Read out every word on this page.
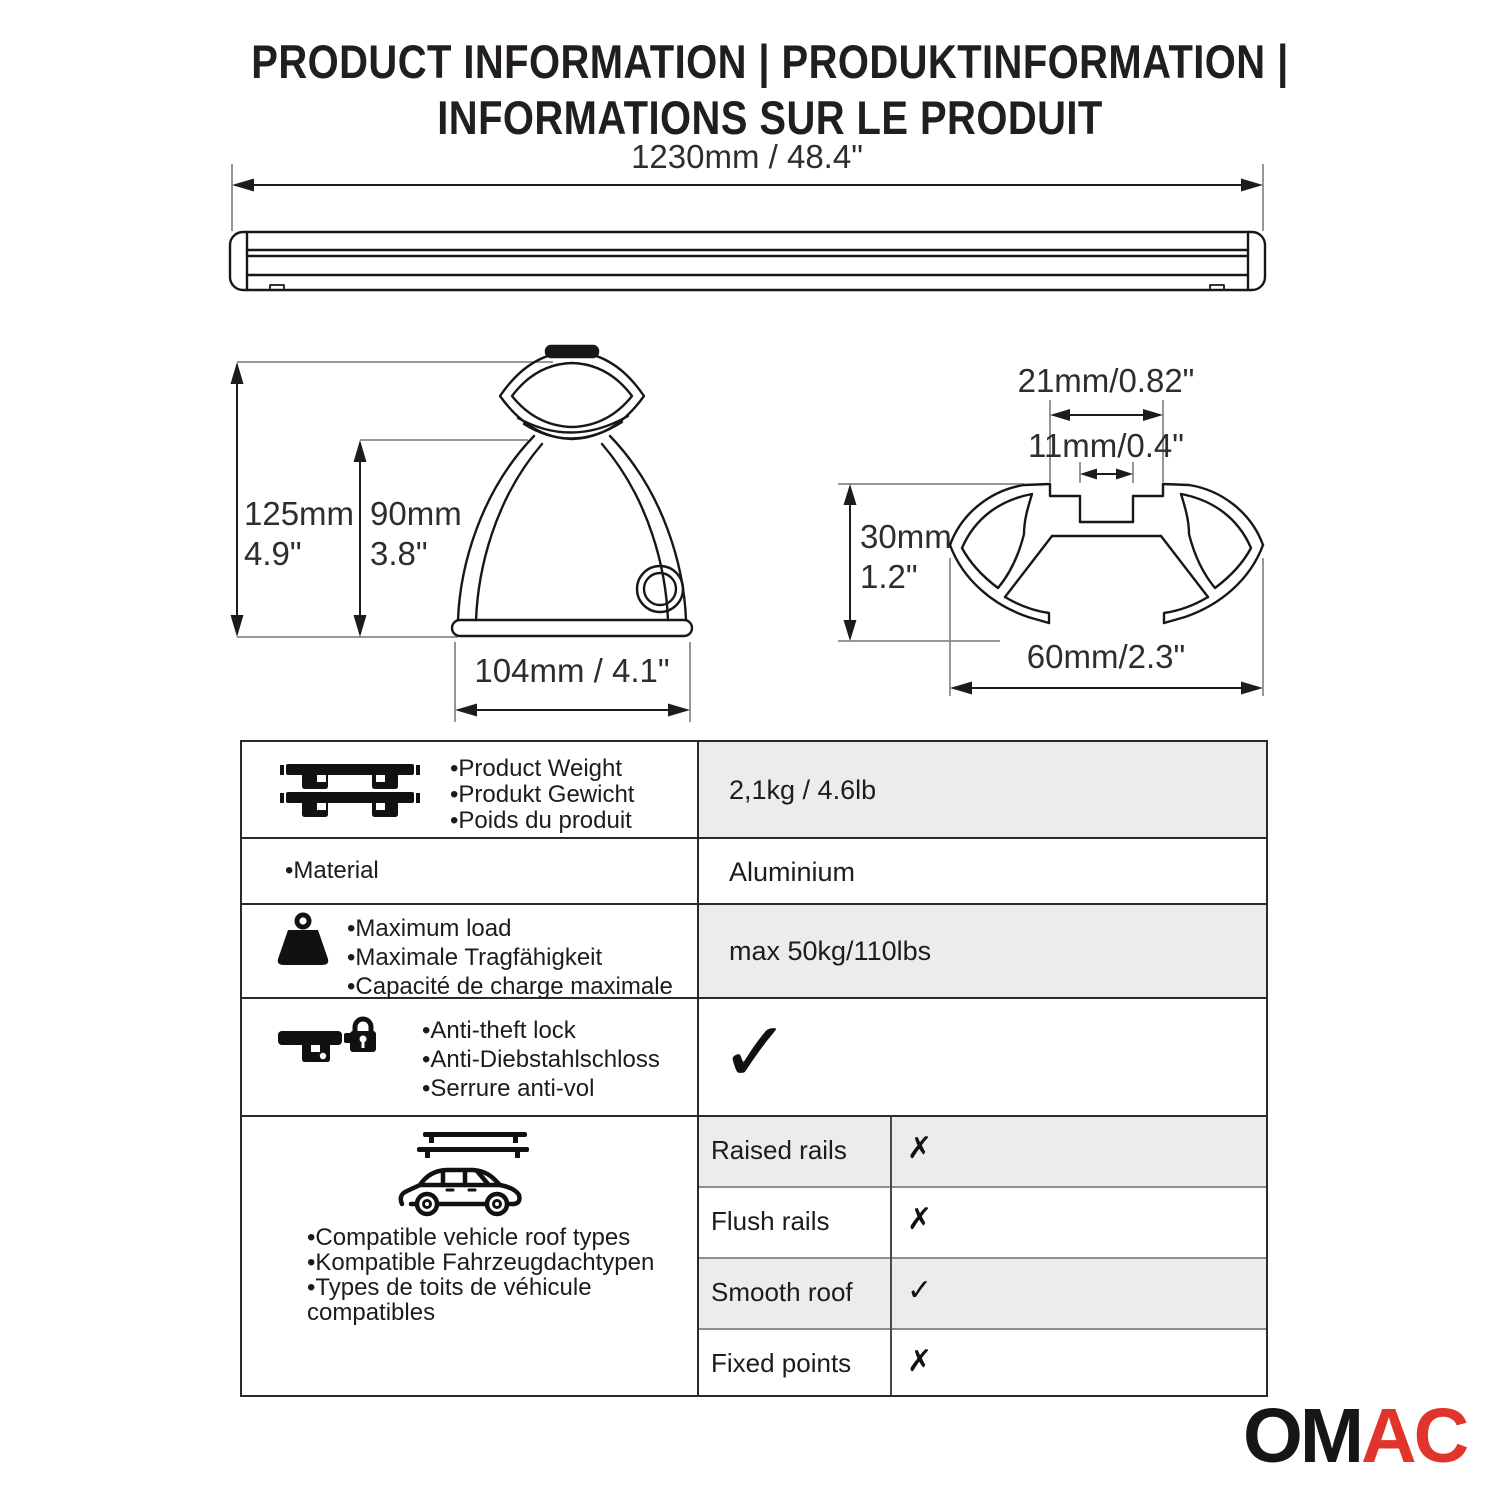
PRODUCT INFORMATION | PRODUKTINFORMATION |
INFORMATIONS SUR LE PRODUIT
1230mm / 48.4"
125mm
4.9"
90mm
3.8"
104mm / 4.1"
21mm/0.82"
11mm/0.4"
30mm
1.2"
60mm/2.3"
•Product Weight
•Produkt Gewicht
•Poids du produit
2,1kg / 4.6lb
•Material	Aluminium
•Maximum load
•Maximale Tragfähigkeit
•Capacité de charge maximale
max 50kg/110lbs
•Anti-theft lock
•Anti-Diebstahlschloss
•Serrure anti-vol	✓
•Compatible vehicle roof types
•Kompatible Fahrzeugdachtypen
•Types de toits de véhicule
compatibles
Raised rails ✗
Flush rails	✗
Smooth roof ✓
Fixed points ✗
OMAC
